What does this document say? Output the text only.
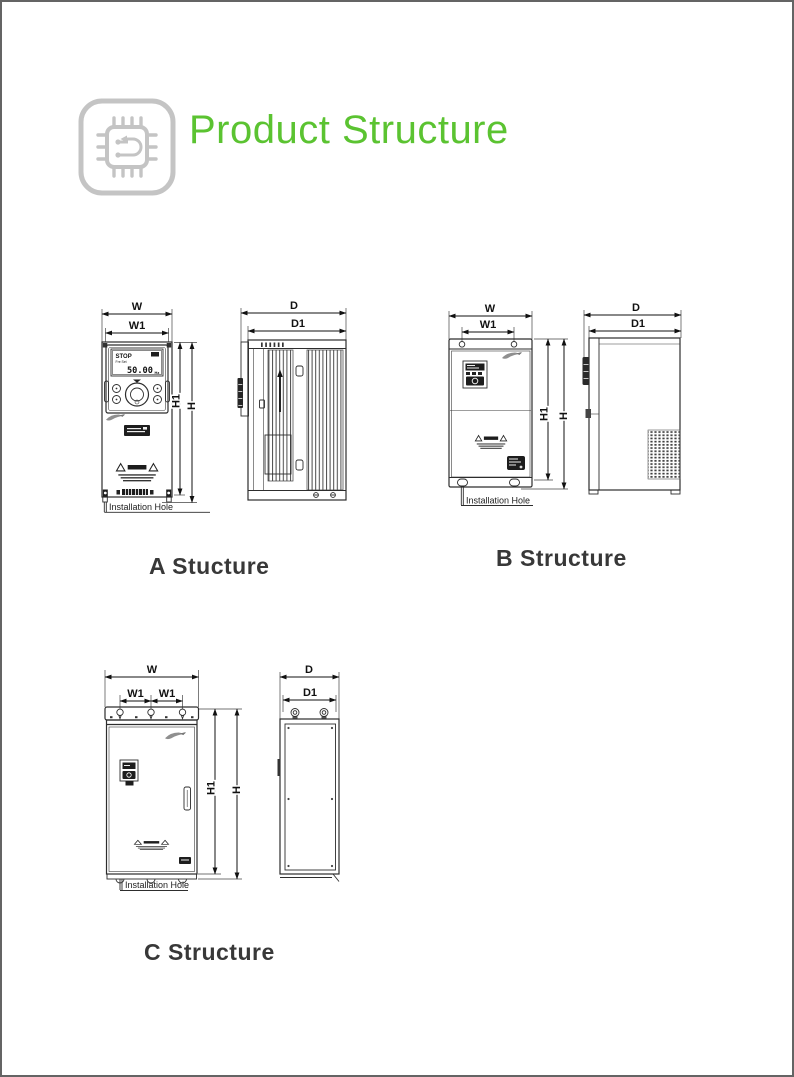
Product Structure
A Stucture	B Structure
C Structure
W
W1
STOP
Fre Set
50.00 Hz
H1 H
Installation Hole
D
D1
W
W1
H1 H
Installation Hole
D
D1
W
W1 W1
H1 H
Installation Hole
D
D1
